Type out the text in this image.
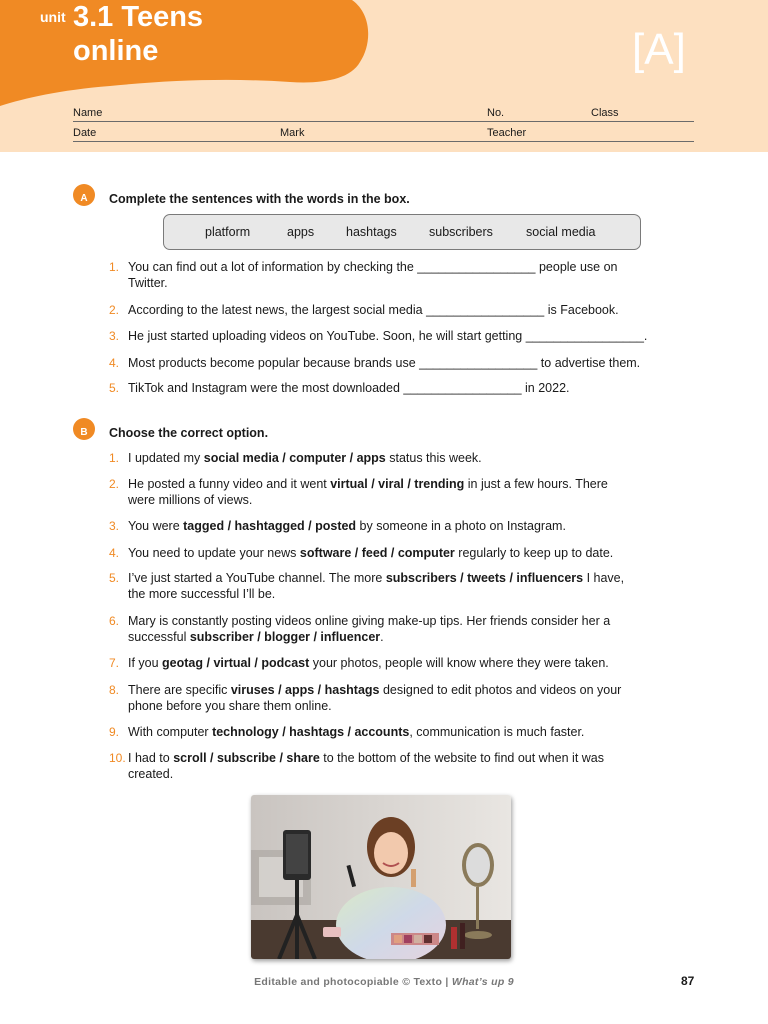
unit 3.1 Teens
online	[A]
Name	No.	Class
Date	Mark	Teacher
A	Complete the sentences with the words in the box.
platform	apps	hashtags	subscribers	social media
1. You can find out a lot of information by checking the _________________ people use on
Twitter.
2. According to the latest news, the largest social media _________________ is Facebook.
3. He just started uploading videos on YouTube. Soon, he will start getting _________________.
4. Most products become popular because brands use _________________ to advertise them.
5. TikTok and Instagram were the most downloaded _________________ in 2022.
B	Choose the correct option.
1. I updated my social media / computer / apps status this week.
2. He posted a funny video and it went virtual / viral / trending in just a few hours. There
were millions of views.
3. You were tagged / hashtagged / posted by someone in a photo on Instagram.
4. You need to update your news software / feed / computer regularly to keep up to date.
5. I’ve just started a YouTube channel. The more subscribers / tweets / influencers I have,
the more successful I’ll be.
6. Mary is constantly posting videos online giving make-up tips. Her friends consider her a
successful subscriber / blogger / influencer.
7. If you geotag / virtual / podcast your photos, people will know where they were taken.
8. There are specific viruses / apps / hashtags designed to edit photos and videos on your
phone before you share them online.
9. With computer technology / hashtags / accounts, communication is much faster.
10. I had to scroll / subscribe / share to the bottom of the website to find out when it was
created.
Editable and photocopiable © Texto | What’s up 9	87
